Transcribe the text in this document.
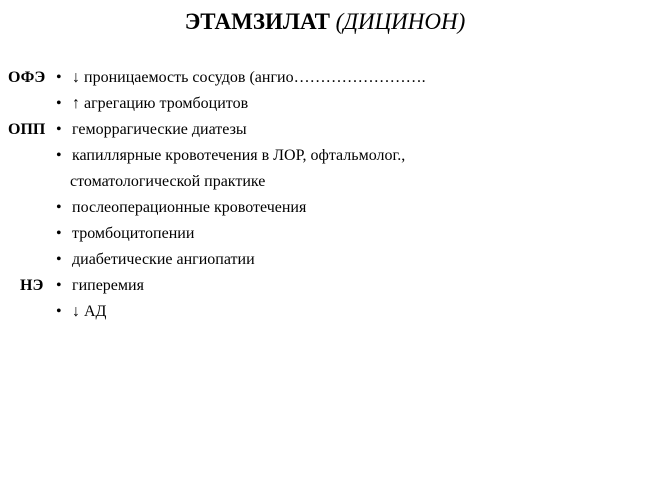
ЭТАМЗИЛАТ (ДИЦИНОН)
ОФЭ • ↓ проницаемость сосудов (ангио…………………….
• ↑ агрегацию тромбоцитов
ОПП • геморрагические диатезы
• капиллярные кровотечения в ЛОР, офтальмолог.,
стоматологической практике
• послеоперационные кровотечения
• тромбоцитопении
• диабетические ангиопатии
НЭ • гиперемия
• ↓ АД
